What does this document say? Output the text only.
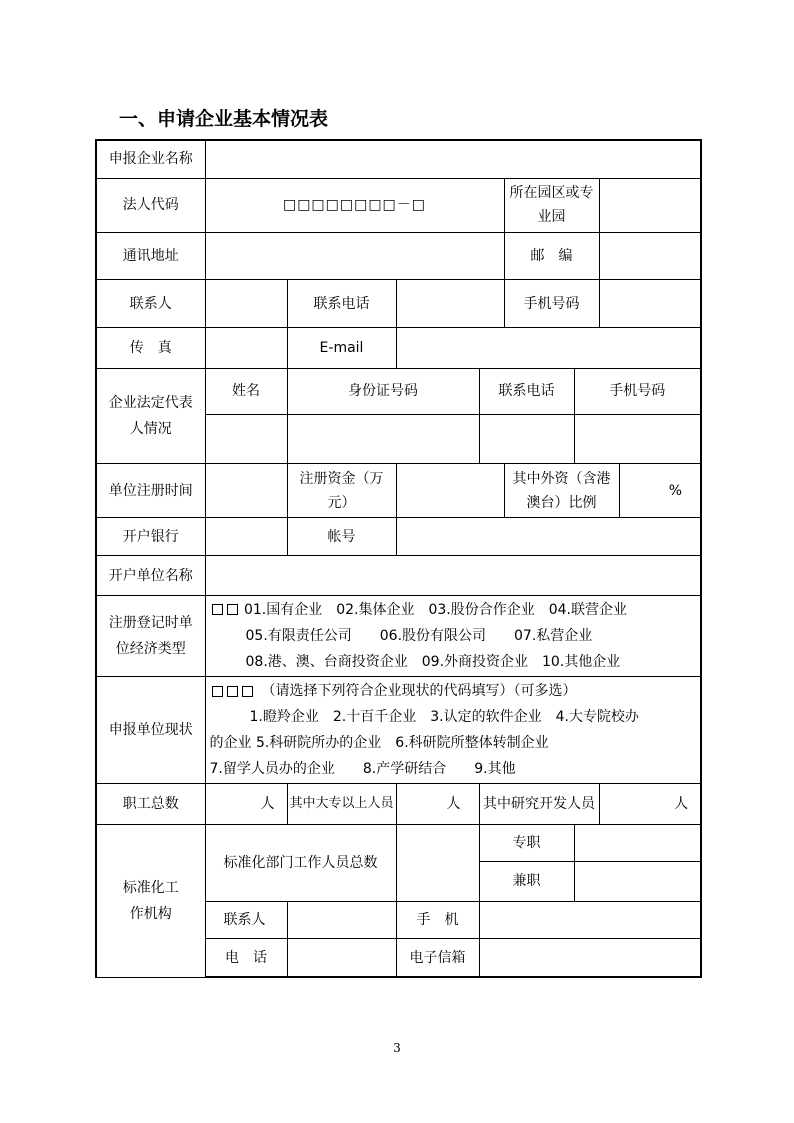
一、申请企业基本情况表
申报企业名称								
法人代码	□□□□□□□□－□				所在园区或专业园			
通讯地址					邮　编			
联系人		联系电话			手机号码			
传　真		E-mail						
企业法定代表人情况	姓名	身份证号码		联系电话		手机号码		

单位注册时间		注册资金（万元）			其中外资（含港澳台）比例			%
开户银行		帐号						
开户单位名称								
注册登记时单位经济类型	01.国有企业　02.集体企业　03.股份合作企业　04.联营企业
05.有限责任公司　　06.股份有限公司　　07.私营企业
08.港、澳、台商投资企业　09.外商投资企业　10.其他企业							

申报单位现状	
　（请选择下列符合企业现状的代码填写）（可多选）
1.瞪羚企业　2.十百千企业　3.认定的软件企业　4.大专院校办
的企业 5.科研院所办的企业　6.科研院所整体转制企业
7.留学人员办的企业　　8.产学研结合　　9.其他							

职工总数	人	其中大专以上人员	人	其中研究开发人员			人	
标准化工作机构	标准化部门工作人员总数			专职				
				兼职				
	联系人		手　机					
	电　话		电子信箱					
3
